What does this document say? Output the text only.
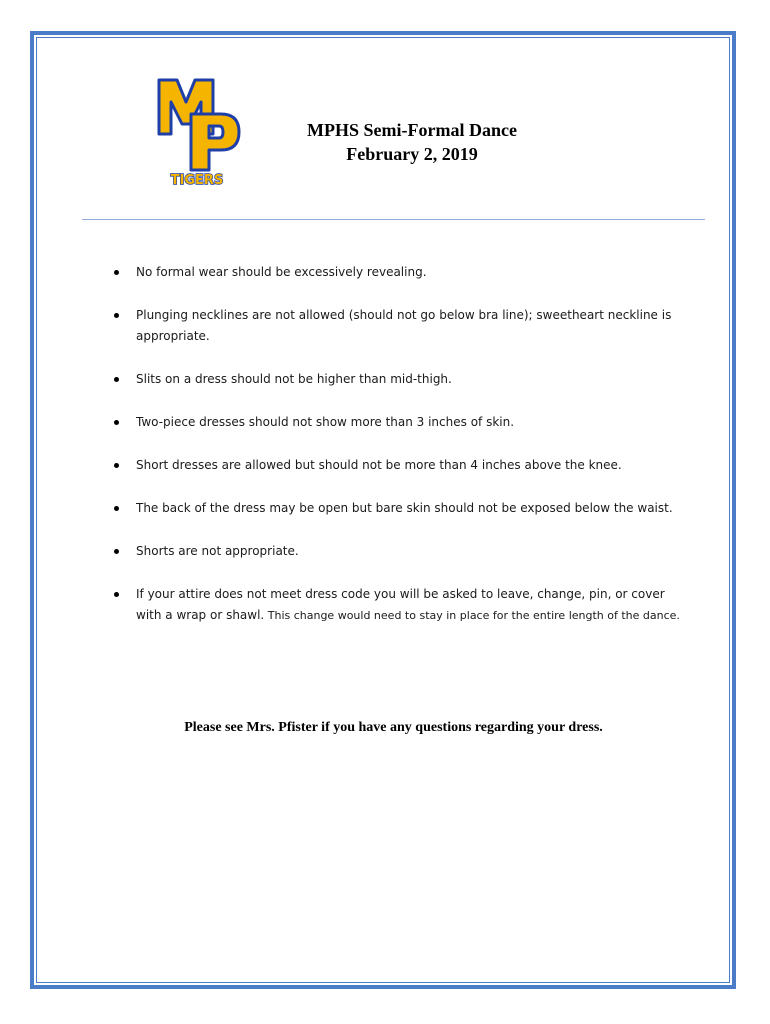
TIGERS
MPHS Semi-Formal Dance
February 2, 2019
No formal wear should be excessively revealing.
Plunging necklines are not allowed (should not go below bra line); sweetheart neckline is appropriate.
Slits on a dress should not be higher than mid-thigh.
Two-piece dresses should not show more than 3 inches of skin.
Short dresses are allowed but should not be more than 4 inches above the knee.
The back of the dress may be open but bare skin should not be exposed below the waist.
Shorts are not appropriate.
If your attire does not meet dress code you will be asked to leave, change, pin, or cover with a wrap or shawl. This change would need to stay in place for the entire length of the dance.
Please see Mrs. Pfister if you have any questions regarding your dress.
